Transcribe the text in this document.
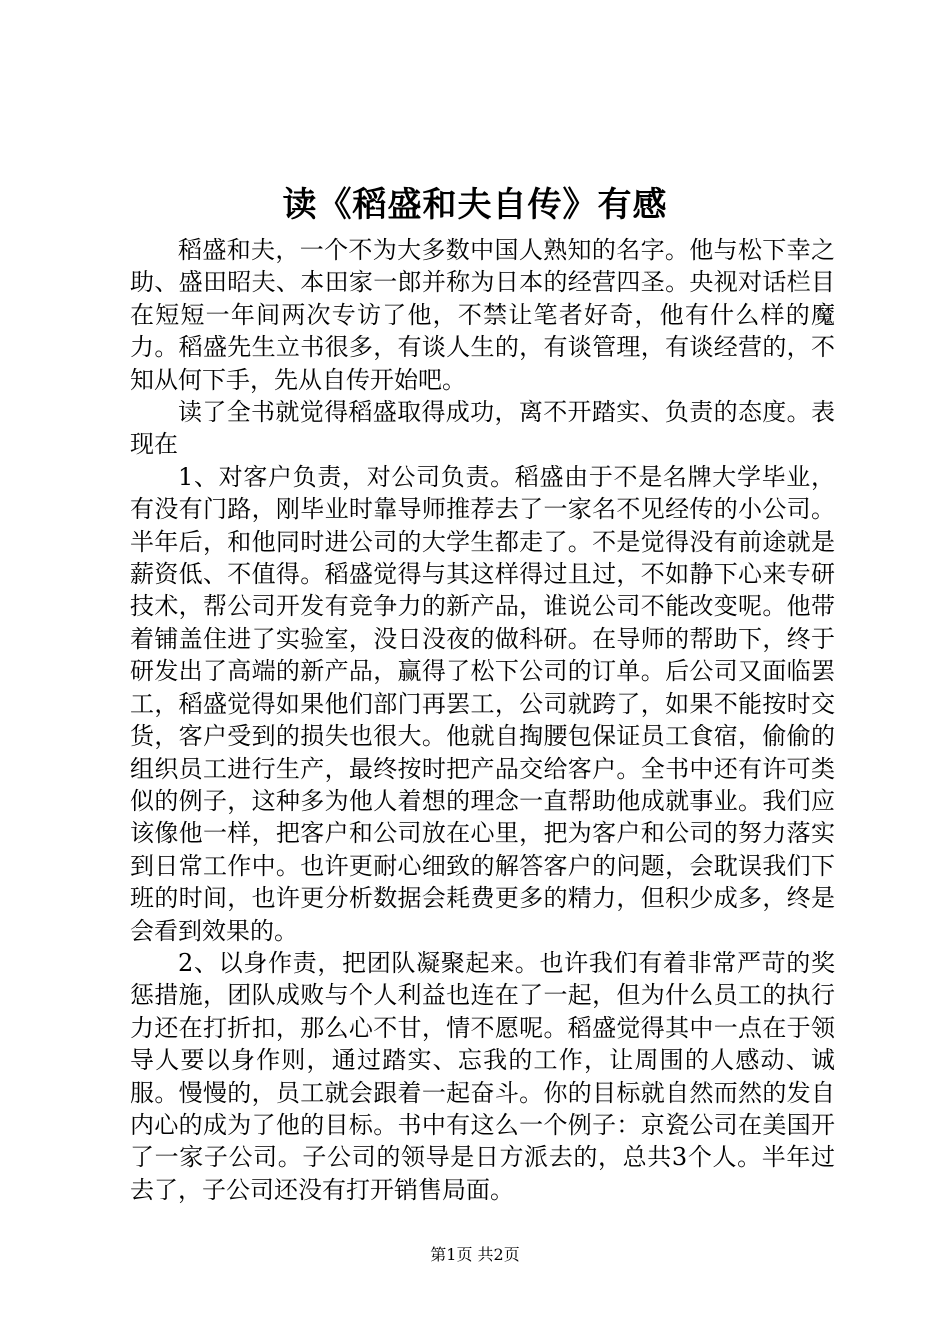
读《稻盛和夫自传》有感

稻盛和夫，一个不为大多数中国人熟知的名字。他与松下幸之助、盛田昭夫、本田家一郎并称为日本的经营四圣。央视对话栏目在短短一年间两次专访了他，不禁让笔者好奇，他有什么样的魔力。稻盛先生立书很多，有谈人生的，有谈管理，有谈经营的，不知从何下手，先从自传开始吧。

读了全书就觉得稻盛取得成功，离不开踏实、负责的态度。表现在

1、对客户负责，对公司负责。稻盛由于不是名牌大学毕业，有没有门路，刚毕业时靠导师推荐去了一家名不见经传的小公司。半年后，和他同时进公司的大学生都走了。不是觉得没有前途就是薪资低、不值得。稻盛觉得与其这样得过且过，不如静下心来专研技术，帮公司开发有竞争力的新产品，谁说公司不能改变呢。他带着铺盖住进了实验室，没日没夜的做科研。在导师的帮助下，终于研发出了高端的新产品，赢得了松下公司的订单。后公司又面临罢工，稻盛觉得如果他们部门再罢工，公司就跨了，如果不能按时交货，客户受到的损失也很大。他就自掏腰包保证员工食宿，偷偷的组织员工进行生产，最终按时把产品交给客户。全书中还有许可类似的例子，这种多为他人着想的理念一直帮助他成就事业。我们应该像他一样，把客户和公司放在心里，把为客户和公司的努力落实到日常工作中。也许更耐心细致的解答客户的问题，会耽误我们下班的时间，也许更分析数据会耗费更多的精力，但积少成多，终是会看到效果的。

2、以身作责，把团队凝聚起来。也许我们有着非常严苛的奖惩措施，团队成败与个人利益也连在了一起，但为什么员工的执行力还在打折扣，那么心不甘，情不愿呢。稻盛觉得其中一点在于领导人要以身作则，通过踏实、忘我的工作，让周围的人感动、诚服。慢慢的，员工就会跟着一起奋斗。你的目标就自然而然的发自内心的成为了他的目标。书中有这么一个例子：京瓷公司在美国开了一家子公司。子公司的领导是日方派去的，总共3个人。半年过去了，子公司还没有打开销售局面。

第1页 共2页
